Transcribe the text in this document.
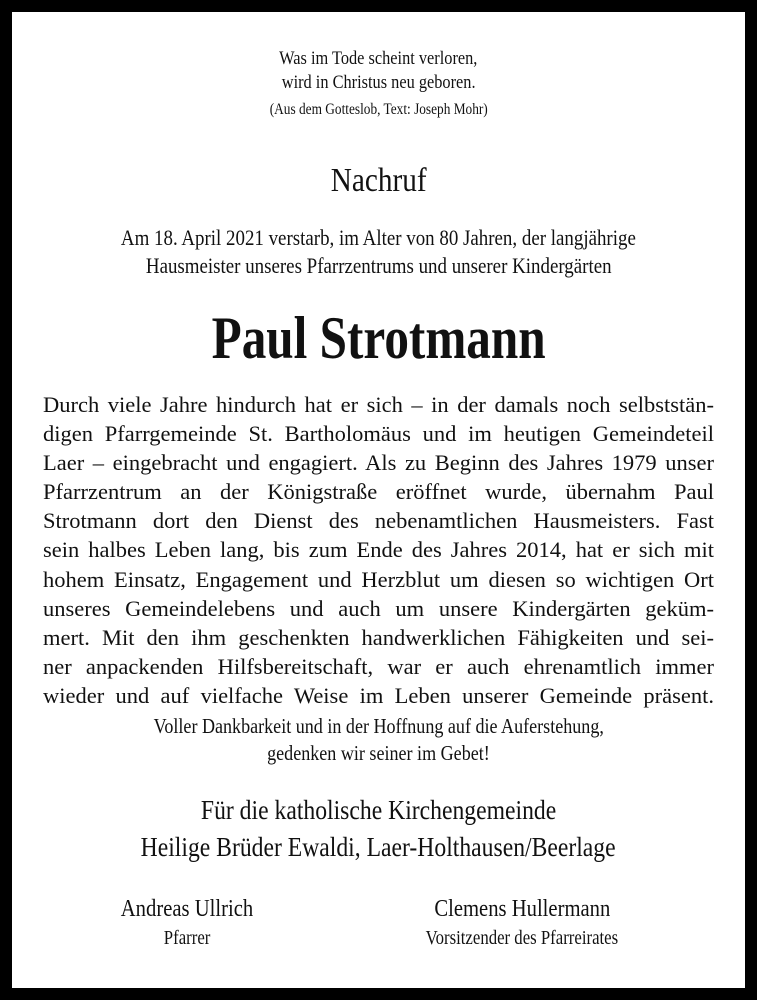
Was im Tode scheint verloren,
wird in Christus neu geboren.
(Aus dem Gotteslob, Text: Joseph Mohr)
Nachruf
Am 18. April 2021 verstarb, im Alter von 80 Jahren, der langjährige
Hausmeister unseres Pfarrzentrums und unserer Kindergärten
Paul Strotmann
Durch viele Jahre hindurch hat er sich – in der damals noch selbststän-
digen Pfarrgemeinde St. Bartholomäus und im heutigen Gemeindeteil
Laer – eingebracht und engagiert. Als zu Beginn des Jahres 1979 unser
Pfarrzentrum an der Königstraße eröffnet wurde, übernahm Paul
Strotmann dort den Dienst des nebenamtlichen Hausmeisters. Fast
sein halbes Leben lang, bis zum Ende des Jahres 2014, hat er sich mit
hohem Einsatz, Engagement und Herzblut um diesen so wichtigen Ort
unseres Gemeindelebens und auch um unsere Kindergärten geküm-
mert. Mit den ihm geschenkten handwerklichen Fähigkeiten und sei-
ner anpackenden Hilfsbereitschaft, war er auch ehrenamtlich immer
wieder und auf vielfache Weise im Leben unserer Gemeinde präsent.
Voller Dankbarkeit und in der Hoffnung auf die Auferstehung,
gedenken wir seiner im Gebet!
Für die katholische Kirchengemeinde
Heilige Brüder Ewaldi, Laer-Holthausen/Beerlage
Andreas Ullrich
Pfarrer
Clemens Hullermann
Vorsitzender des Pfarreirates
